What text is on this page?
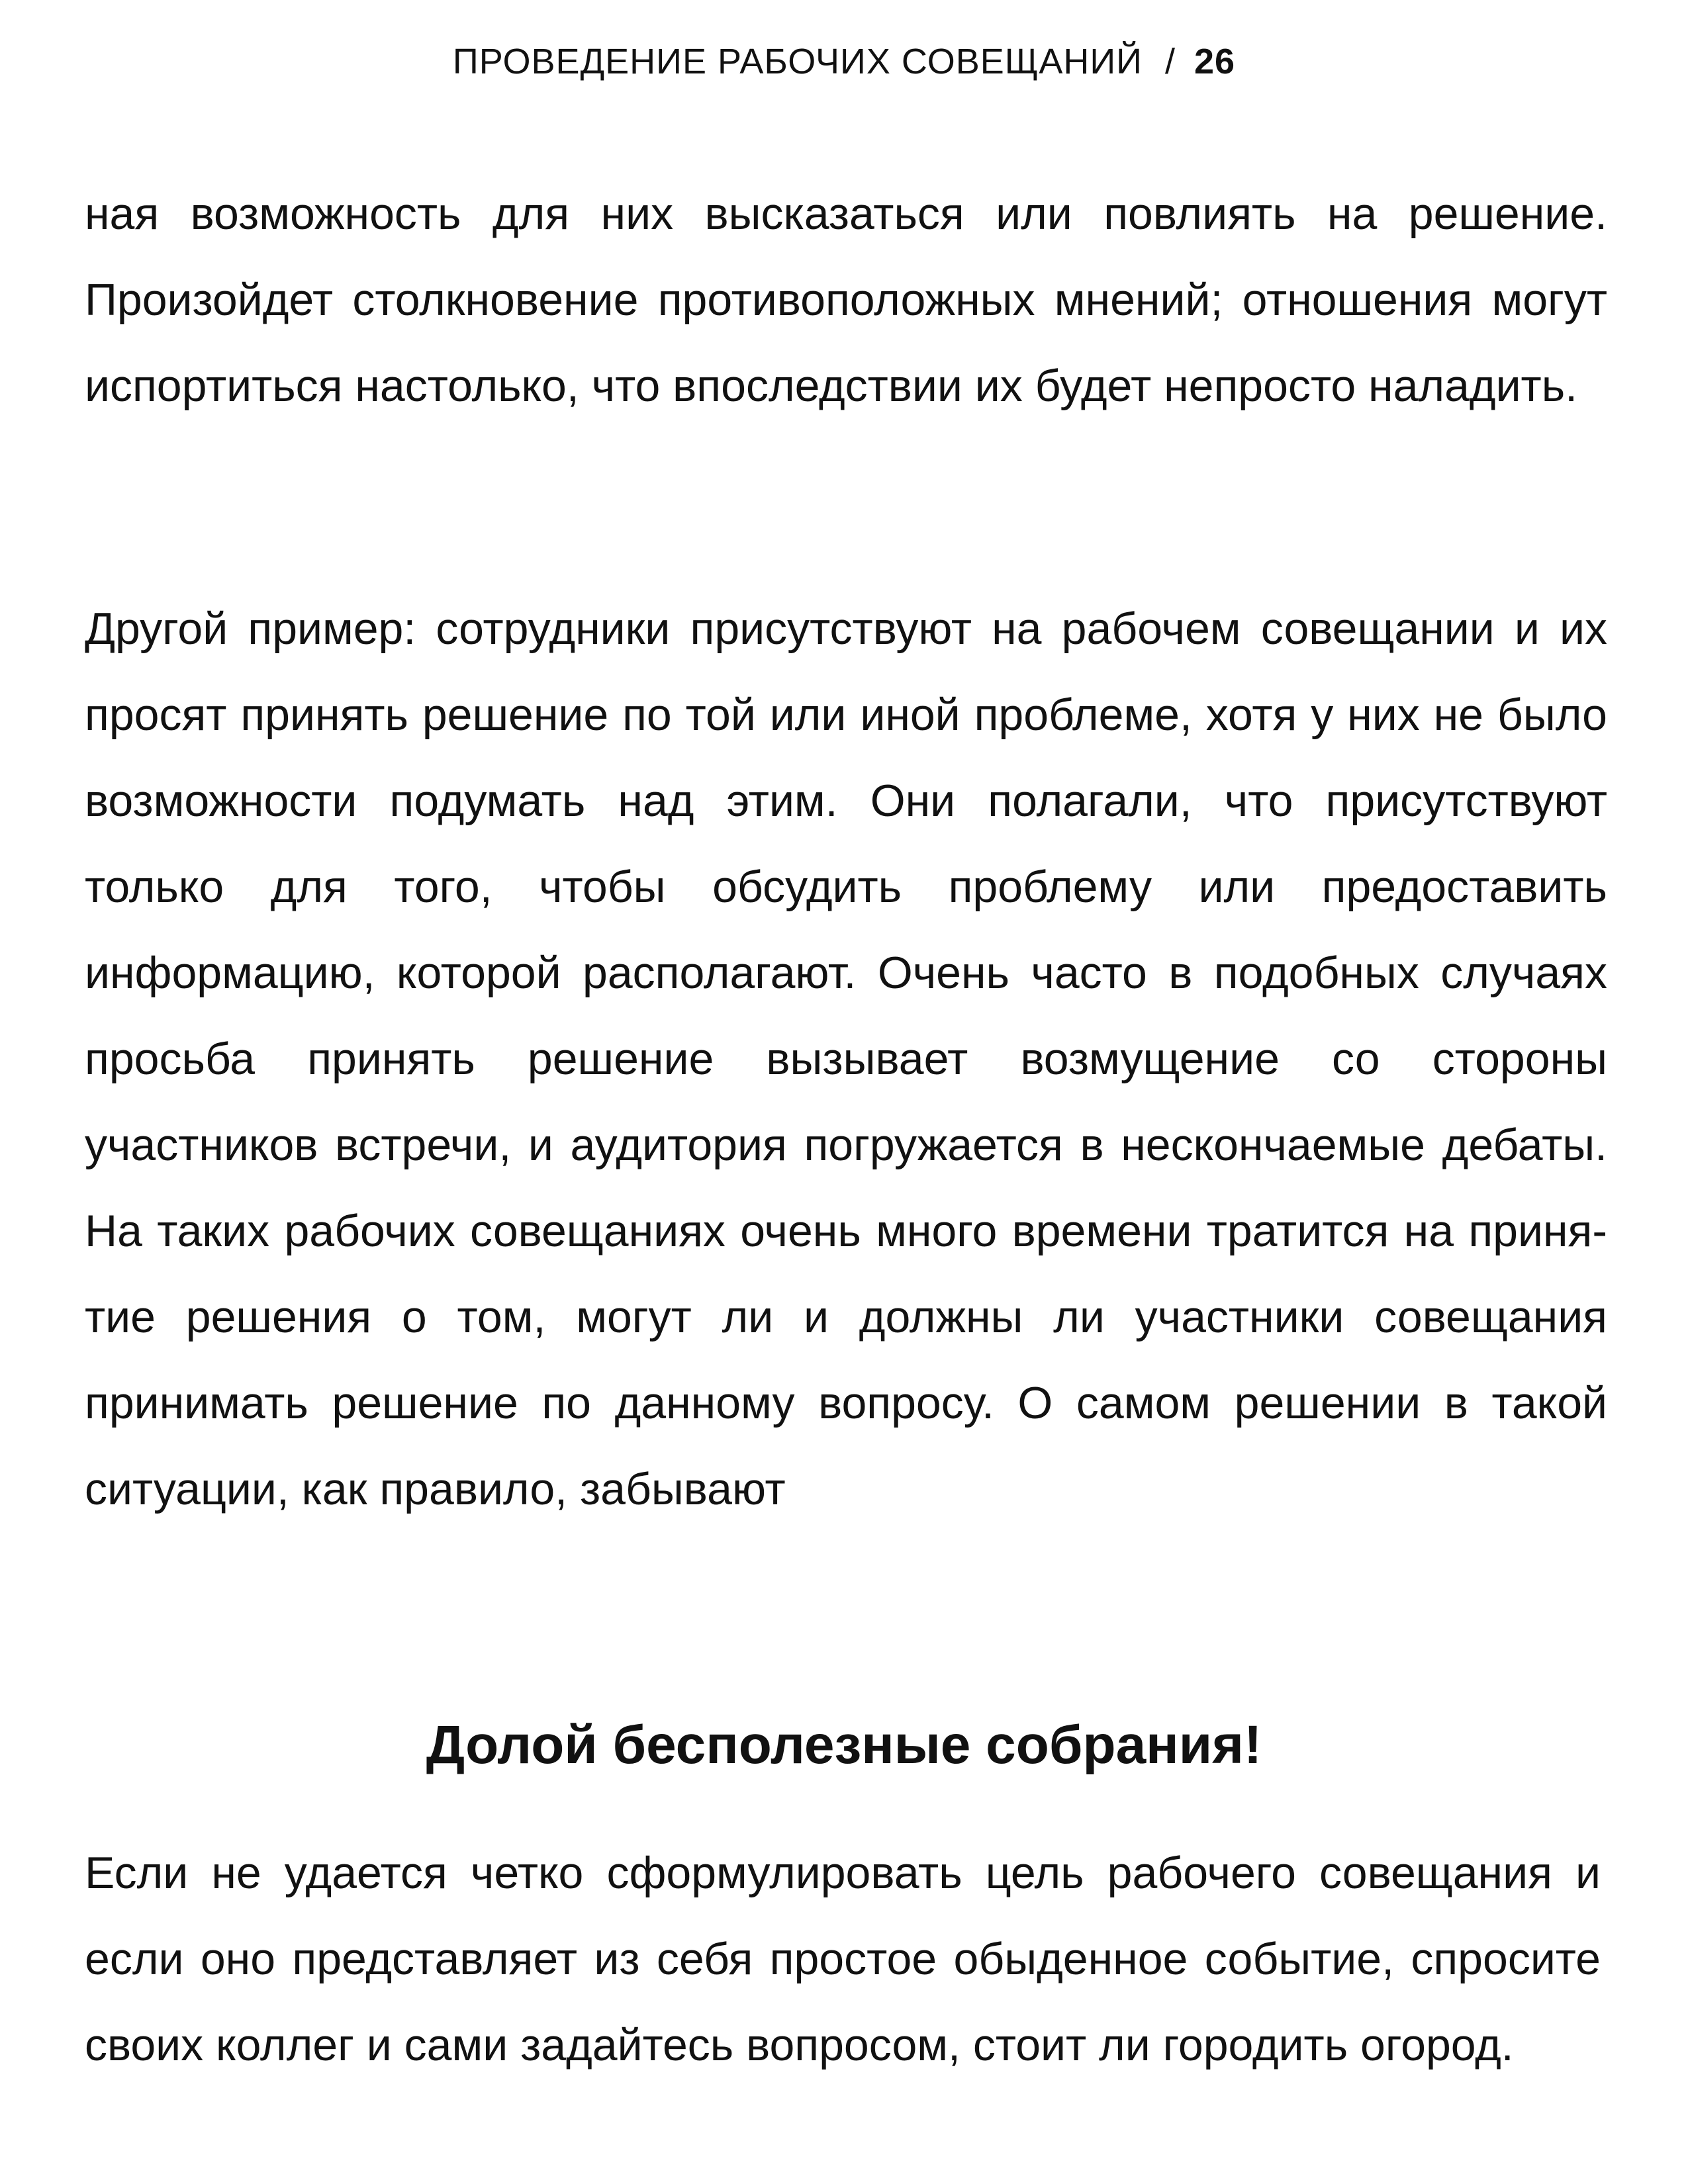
ПРОВЕДЕНИЕ РАБОЧИХ СОВЕЩАНИЙ / 26

ная возможность для них высказаться или повлиять на решение. Произойдет столкновение противоположных мнений; отношения могут испортиться настолько, что впоследствии их будет непросто наладить.

Другой пример: сотрудники присутствуют на рабочем совещании и их просят принять решение по той или иной проблеме, хотя у них не было возможности подумать над этим. Они полагали, что присутствуют только для того, чтобы обсудить проблему или предоставить информацию, которой располагают. Очень часто в подобных случаях просьба принять решение вызывает возмущение со стороны участников встречи, и аудитория погружается в нескончаемые дебаты. На таких рабочих совещаниях очень много времени тратится на принятие решения о том, могут ли и должны ли участники совещания принимать решение по данному вопросу. О самом решении в такой ситуации, как правило, забывают

Долой бесполезные собрания!

Если не удается четко сформулировать цель рабочего совещания и если оно представляет из себя простое обыденное событие, спросите своих коллег и сами задайтесь вопросом, стоит ли городить огород.
